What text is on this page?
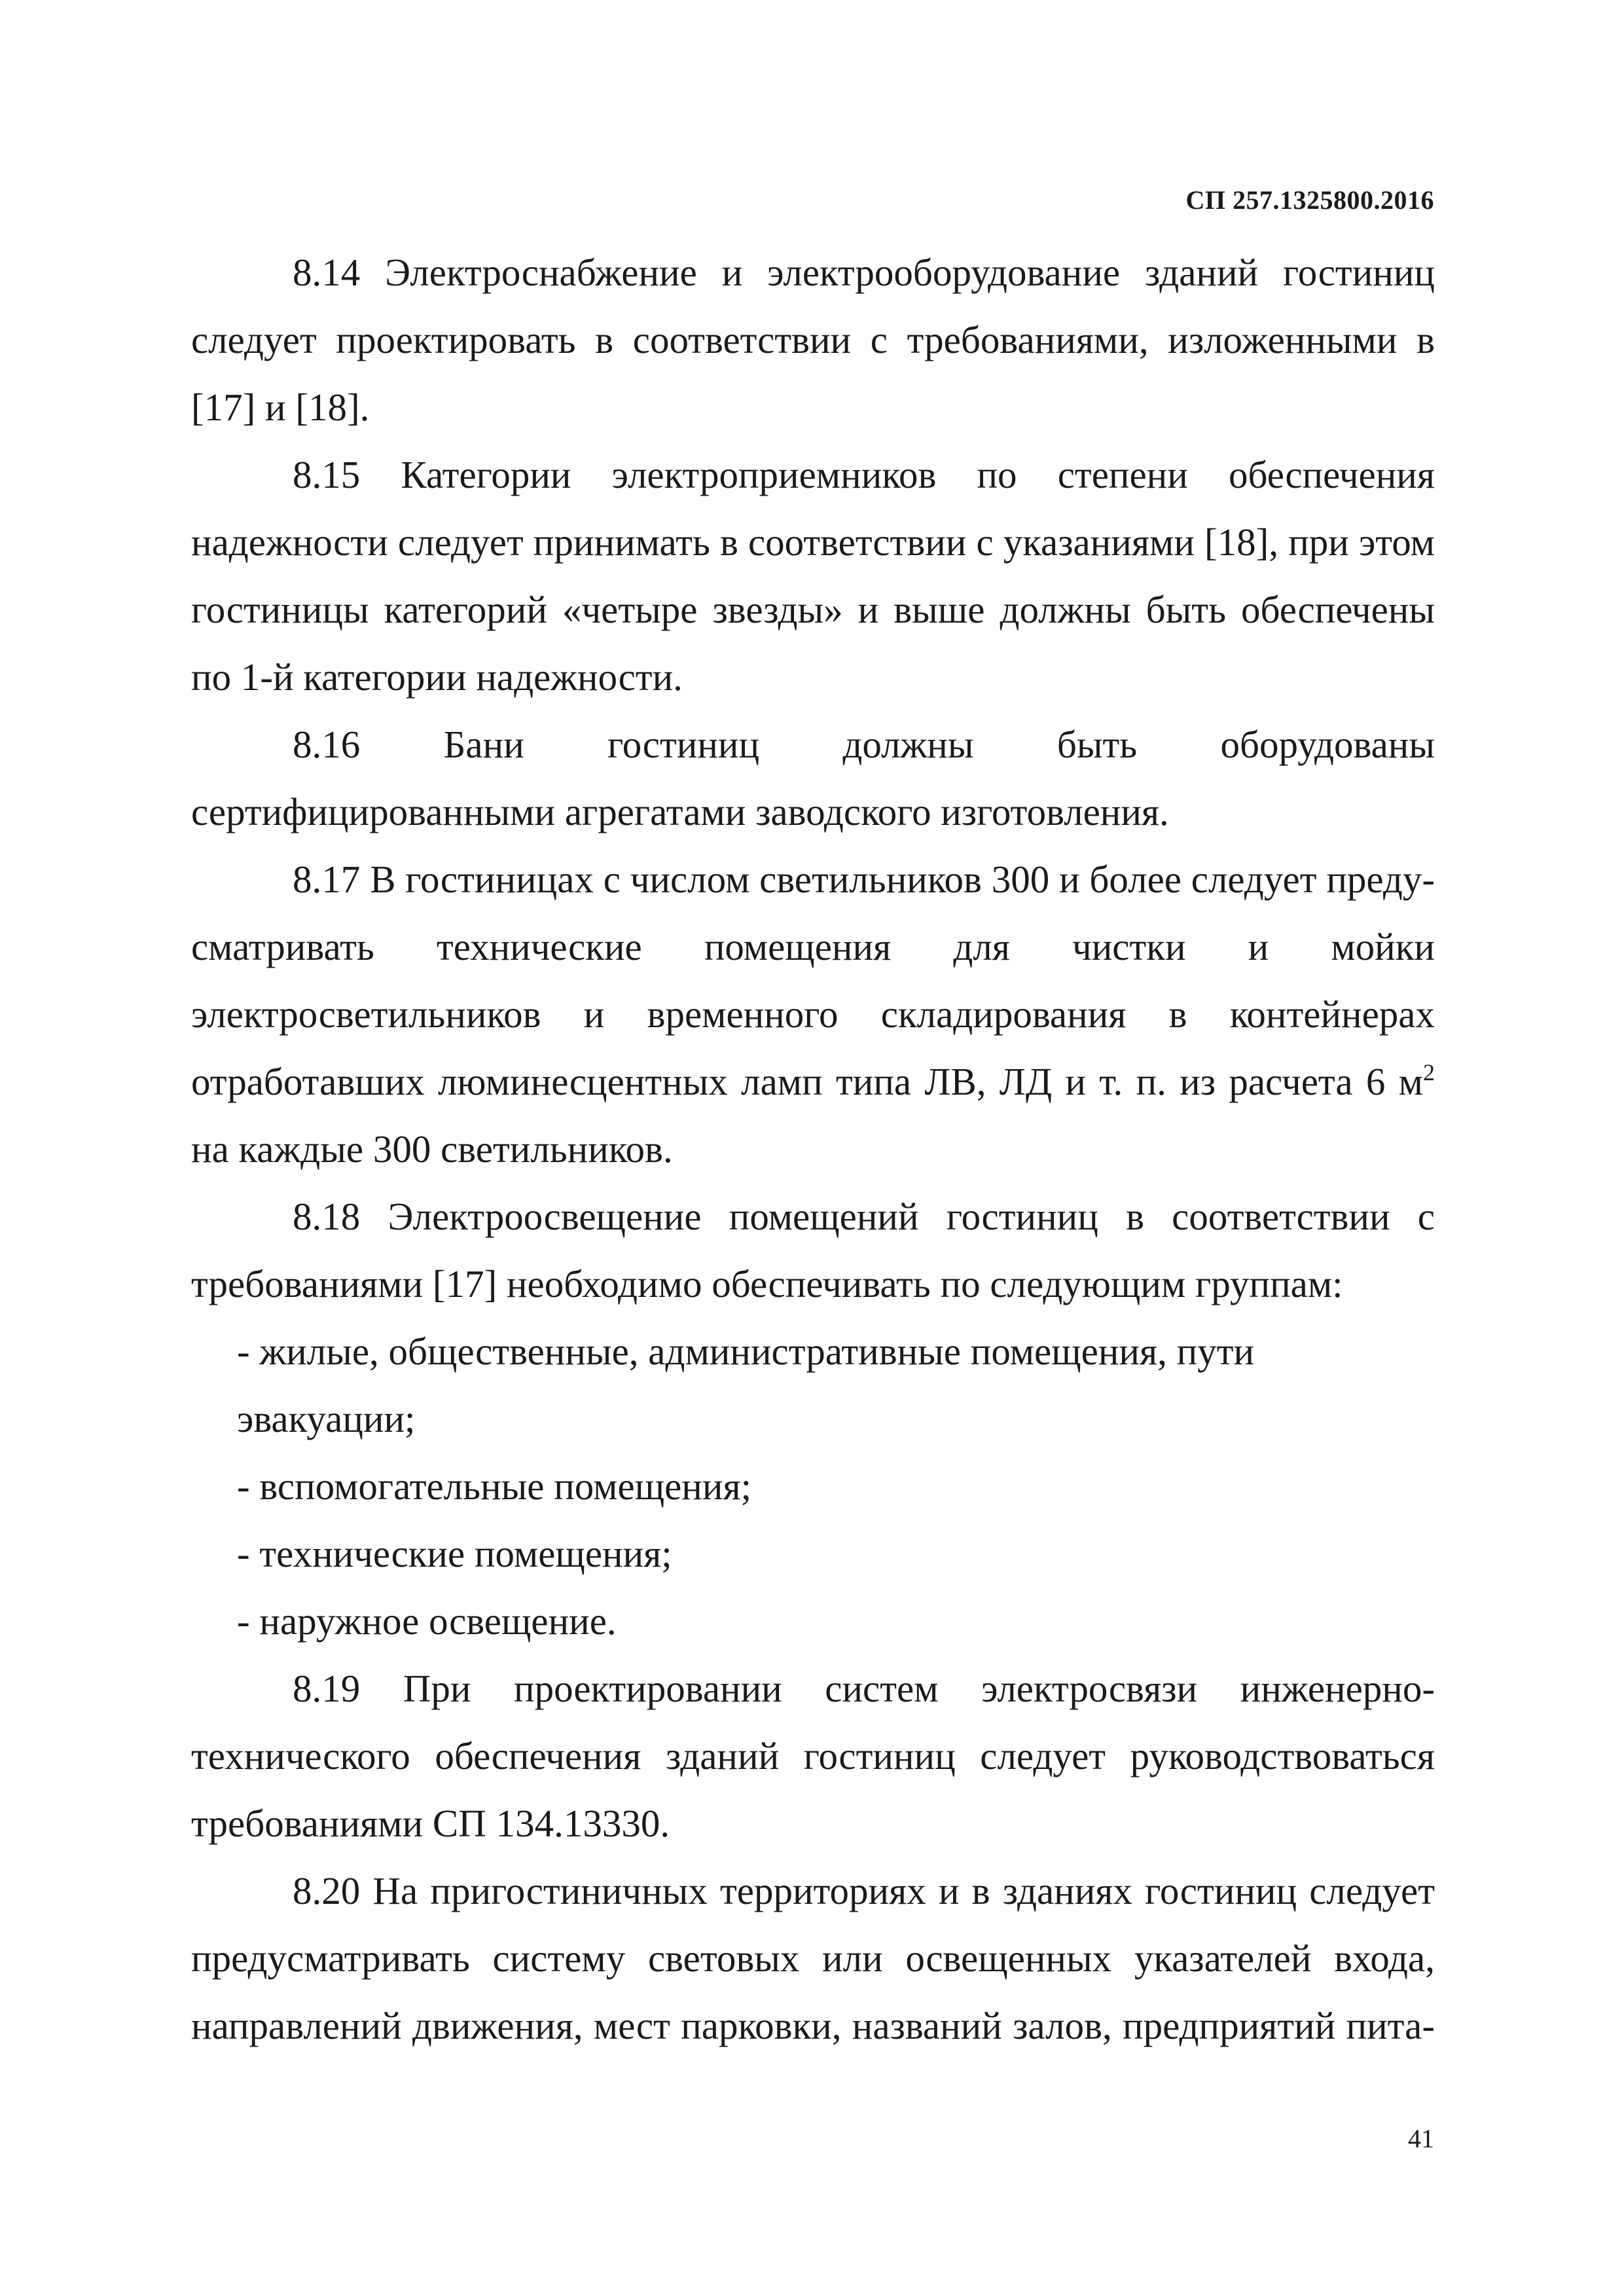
СП 257.1325800.2016

8.14 Электроснабжение и электрооборудование зданий гостиниц следует проектировать в соответствии с требованиями, изложенными в [17] и [18].

8.15 Категории электроприемников по степени обеспечения надежности следует принимать в соответствии с указаниями [18], при этом гостиницы категорий «четыре звезды» и выше должны быть обеспечены по 1-й категории надежности.

8.16 Бани гостиниц должны быть оборудованы сертифицированными агрегатами заводского изготовления.

8.17 В гостиницах с числом светильников 300 и более следует предусматривать технические помещения для чистки и мойки электросветильников и временного складирования в контейнерах отработавших люминесцентных ламп типа ЛВ, ЛД и т. п. из расчета 6 $м^2$ на каждые 300 светильников.

8.18 Электроосвещение помещений гостиниц в соответствии с требованиями [17] необходимо обеспечивать по следующим группам:

- жилые, общественные, административные помещения, пути эвакуации;
- вспомогательные помещения;
- технические помещения;
- наружное освещение.

8.19 При проектировании систем электросвязи инженерно-технического обеспечения зданий гостиниц следует руководствоваться требованиями СП 134.13330.

8.20 На пригостиничных территориях и в зданиях гостиниц следует предусматривать систему световых или освещенных указателей входа, направлений движения, мест парковки, названий залов, предприятий пита-

41
